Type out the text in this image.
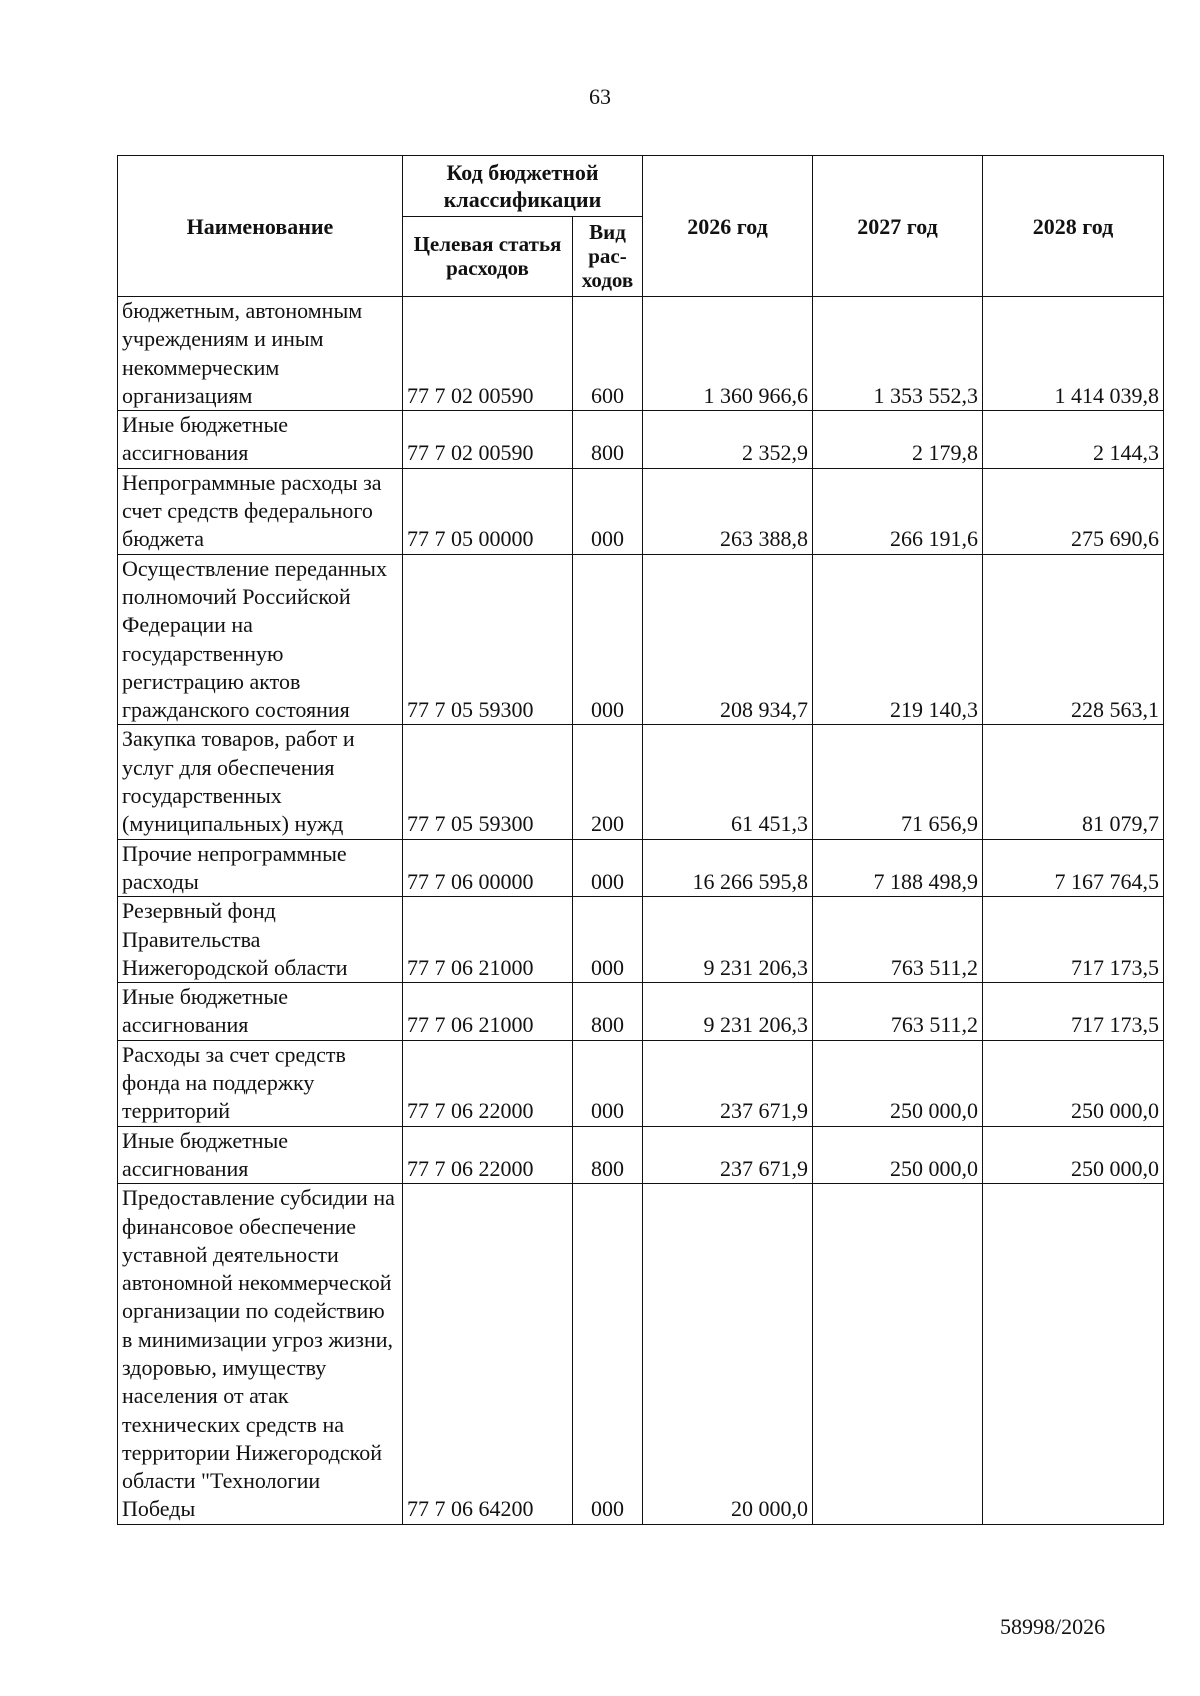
63
Наименование	Код бюджетной классификации		2026 год	2027 год	2028 год
	Целевая статья расходов	Вид рас-ходов			
бюджетным, автономным учреждениям и иным некоммерческим организациям	77 7 02 00590	600	1 360 966,6	1 353 552,3	1 414 039,8
Иные бюджетные ассигнования	77 7 02 00590	800	2 352,9	2 179,8	2 144,3
Непрограммные расходы за счет средств федерального бюджета	77 7 05 00000	000	263 388,8	266 191,6	275 690,6
Осуществление переданных полномочий Российской Федерации на государственную регистрацию актов гражданского состояния	77 7 05 59300	000	208 934,7	219 140,3	228 563,1
Закупка товаров, работ и услуг для обеспечения государственных (муниципальных) нужд	77 7 05 59300	200	61 451,3	71 656,9	81 079,7
Прочие непрограммные расходы	77 7 06 00000	000	16 266 595,8	7 188 498,9	7 167 764,5
Резервный фонд Правительства Нижегородской области	77 7 06 21000	000	9 231 206,3	763 511,2	717 173,5
Иные бюджетные ассигнования	77 7 06 21000	800	9 231 206,3	763 511,2	717 173,5
Расходы за счет средств фонда на поддержку территорий	77 7 06 22000	000	237 671,9	250 000,0	250 000,0
Иные бюджетные ассигнования	77 7 06 22000	800	237 671,9	250 000,0	250 000,0
Предоставление субсидии на финансовое обеспечение уставной деятельности автономной некоммерческой организации по содействию в минимизации угроз жизни, здоровью, имуществу населения от атак технических средств на территории Нижегородской области "Технологии Победы	77 7 06 64200	000	20 000,0		
58998/2026
